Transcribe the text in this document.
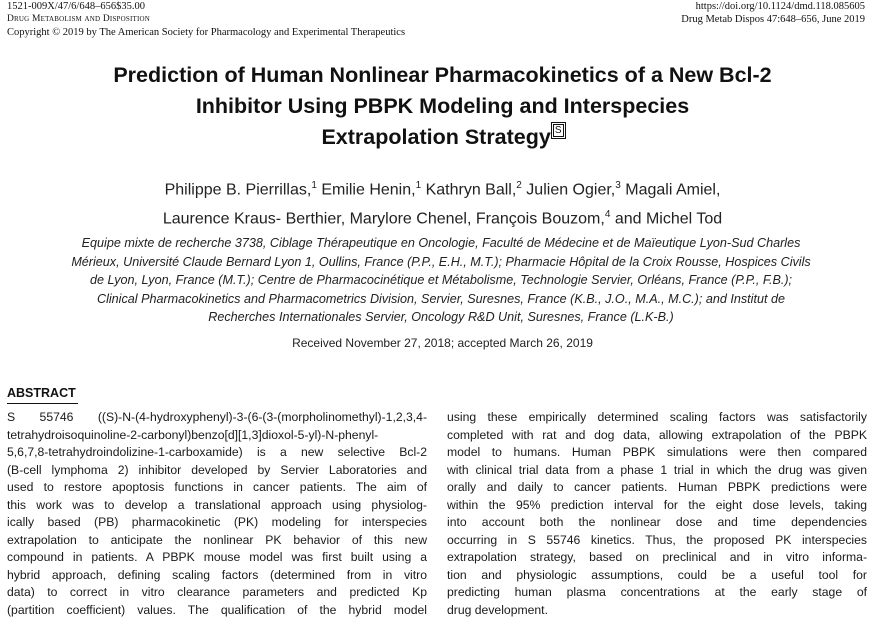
1521-009X/47/6/648–656$35.00
Drug Metabolism and Disposition
Copyright © 2019 by The American Society for Pharmacology and Experimental Therapeutics
https://doi.org/10.1124/dmd.118.085605
Drug Metab Dispos 47:648–656, June 2019
Prediction of Human Nonlinear Pharmacokinetics of a New Bcl-2
Inhibitor Using PBPK Modeling and Interspecies
Extrapolation Strategy S
Philippe B. Pierrillas,$^1$ Emilie Henin,$^1$ Kathryn Ball,$^2$ Julien Ogier,$^3$ Magali Amiel,
Laurence Kraus- Berthier, Marylore Chenel, François Bouzom,$^4$ and Michel Tod
Equipe mixte de recherche 3738, Ciblage Thérapeutique en Oncologie, Faculté de Médecine et de Maïeutique Lyon-Sud Charles
Mérieux, Université Claude Bernard Lyon 1, Oullins, France (P.P., E.H., M.T.); Pharmacie Hôpital de la Croix Rousse, Hospices Civils
de Lyon, Lyon, France (M.T.); Centre de Pharmacocinétique et Métabolisme, Technologie Servier, Orléans, France (P.P., F.B.);
Clinical Pharmacokinetics and Pharmacometrics Division, Servier, Suresnes, France (K.B., J.O., M.A., M.C.); and Institut de
Recherches Internationales Servier, Oncology R&D Unit, Suresnes, France (L.K-B.)
Received November 27, 2018; accepted March 26, 2019
ABSTRACT
S 55746 ((S)-N-(4-hydroxyphenyl)-3-(6-(3-(morpholinomethyl)-1,2,3,4-
tetrahydroisoquinoline-2-carbonyl)benzo[d][1,3]dioxol-5-yl)-N-phenyl-
5,6,7,8-tetrahydroindolizine-1-carboxamide) is a new selective Bcl-2
(B-cell lymphoma 2) inhibitor developed by Servier Laboratories and
used to restore apoptosis functions in cancer patients. The aim of
this work was to develop a translational approach using physiolog-
ically based (PB) pharmacokinetic (PK) modeling for interspecies
extrapolation to anticipate the nonlinear PK behavior of this new
compound in patients. A PBPK mouse model was first built using a
hybrid approach, defining scaling factors (determined from in vitro
data) to correct in vitro clearance parameters and predicted Kp
(partition coefficient) values. The qualification of the hybrid model
using these empirically determined scaling factors was satisfactorily
completed with rat and dog data, allowing extrapolation of the PBPK
model to humans. Human PBPK simulations were then compared
with clinical trial data from a phase 1 trial in which the drug was given
orally and daily to cancer patients. Human PBPK predictions were
within the 95% prediction interval for the eight dose levels, taking
into account both the nonlinear dose and time dependencies
occurring in S 55746 kinetics. Thus, the proposed PK interspecies
extrapolation strategy, based on preclinical and in vitro informa-
tion and physiologic assumptions, could be a useful tool for
predicting human plasma concentrations at the early stage of
drug development.
